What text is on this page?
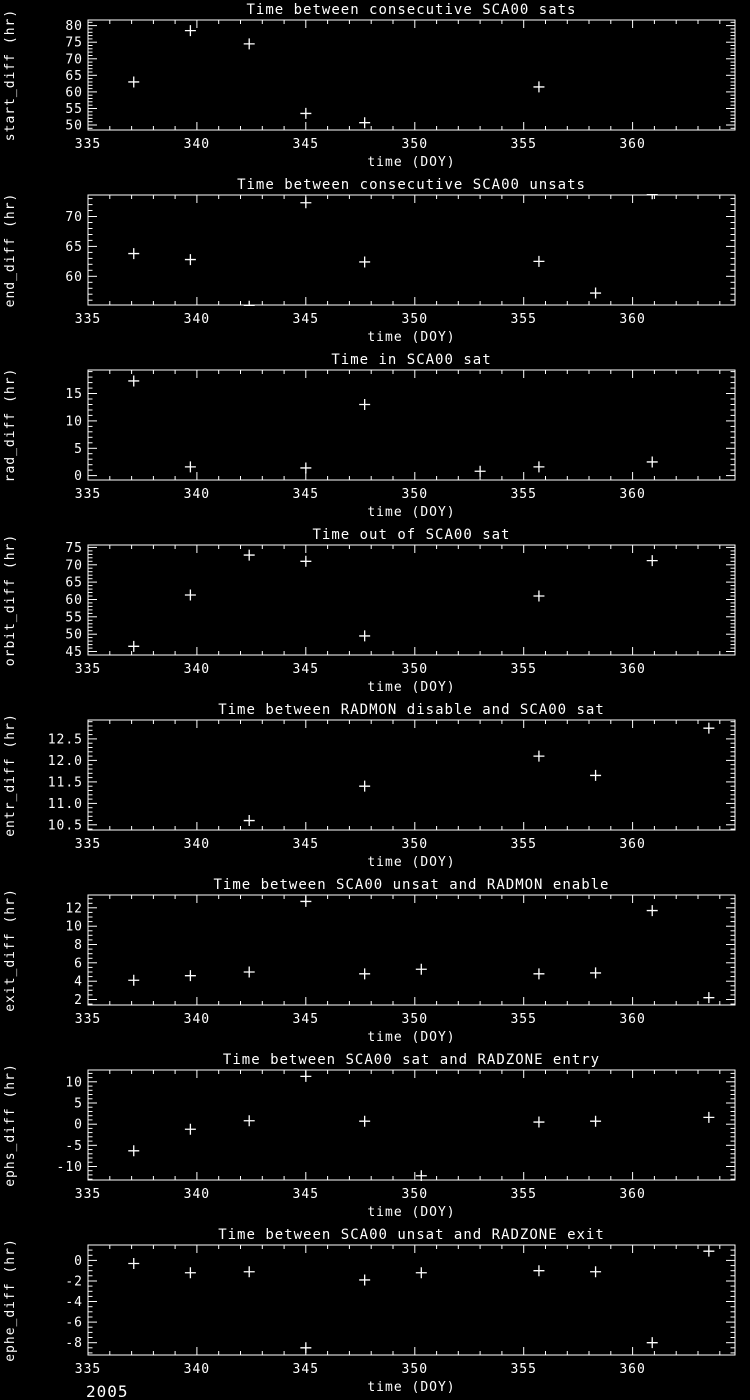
335	340	345	350	355	360
50
55
60
65
70
75
80
Time between consecutive SCA00 sats
time (DOY)
start_diff (hr)
335	340	345	350	355	360
60
65
70
Time between consecutive SCA00 unsats
time (DOY)
end_diff (hr)
335	340	345	350	355	360
0
5
10
15
Time in SCA00 sat
time (DOY)
rad_diff (hr)
335	340	345	350	355	360
45
50
55
60
65
70
75
Time out of SCA00 sat
time (DOY)
orbit_diff (hr)
335	340	345	350	355	360
10.5
11.0
11.5
12.0
12.5
Time between RADMON disable and SCA00 sat
time (DOY)
entr_diff (hr)
335	340	345	350	355	360
2
4
6
8
10
12
Time between SCA00 unsat and RADMON enable
time (DOY)
exit_diff (hr)
335	340	345	350	355	360
-10
-5
0
5
10
Time between SCA00 sat and RADZONE entry
time (DOY)
ephs_diff (hr)
335	340	345	350	355	360
-8
-6
-4
-2
0
Time between SCA00 unsat and RADZONE exit
time (DOY)
ephe_diff (hr)
2005
